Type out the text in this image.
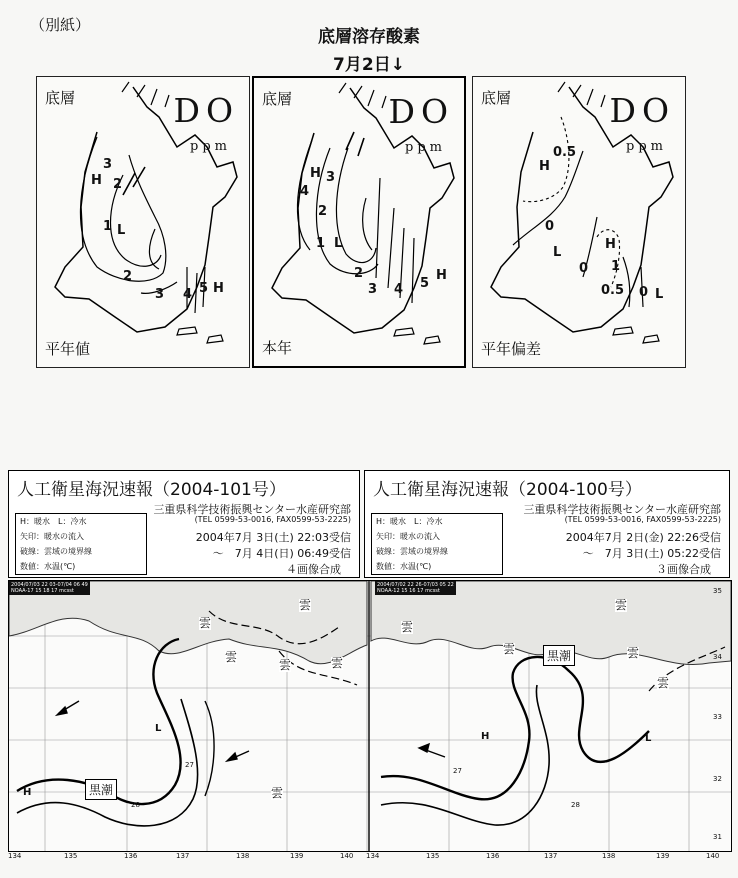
（別紙）
底層溶存酸素
7月2日↓
底層	DO
ppm
平年値
3
H 2
1 L
2
3 4 5 H
底層	DO
ppm
本年
H 3
4
2
1 L
2
3 4 5
H
底層	DO
ppm
平年偏差
0.5
H
0
L
H
0 1
0.5 0 L
人工衛星海況速報（2004-101号）
三重県科学技術振興センター水産研究部
(TEL 0599-53-0016, FAX0599-53-2225)
H：暖水　L：冷水
矢印：暖水の流入
破線：雲域の境界線
数値：水温(℃)
2004年7月 3日(土) 22:03受信
～　7月 4日(日) 06:49受信
４画像合成
人工衛星海況速報（2004-100号）
三重県科学技術振興センター水産研究部
(TEL 0599-53-0016, FAX0599-53-2225)
H：暖水　L：冷水
矢印：暖水の流入
破線：雲域の境界線
数値：水温(℃)
2004年7月 2日(金) 22:26受信
～　7月 3日(土) 05:22受信
３画像合成
2004/07/03 22 03-07/04 06 49
NOAA-17 15 18 17 mcsst
2004/07/02 22 26-07/03 05 22
NOAA-12 15 16 17 mcsst
黒潮
黒潮
雲
雲
雲
雲	雲
雲
雲
雲
雲
雲
雲
H
L
H	L
28
27
27
28
35
34
33
32
31
134	135	136	137	138	139	140 134	135	136	137	138	139	140
